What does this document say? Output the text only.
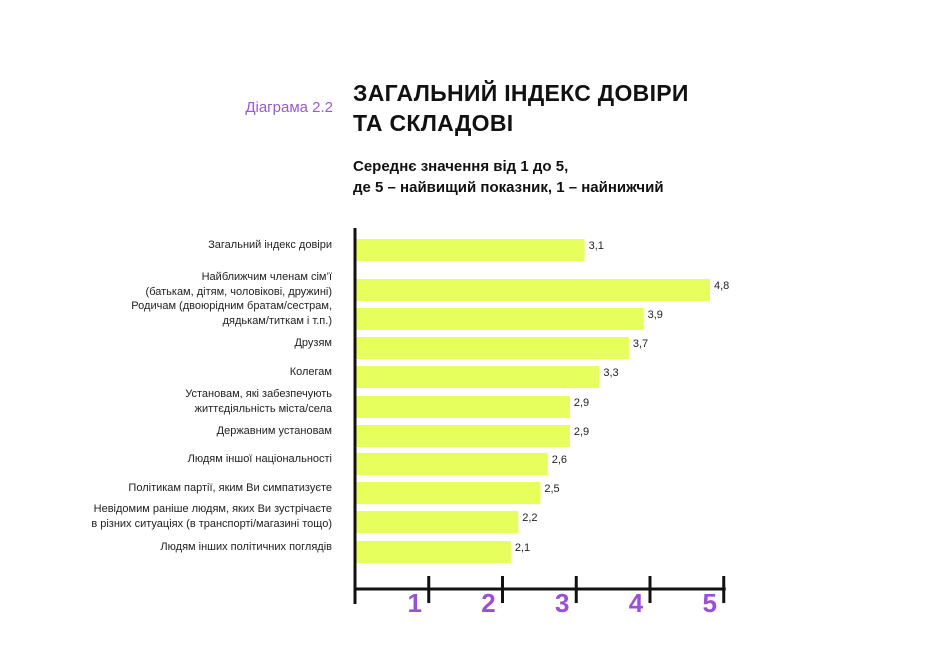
Діаграма 2.2
ЗАГАЛЬНИЙ ІНДЕКС ДОВІРИ
ТА СКЛАДОВІ

Середнє значення від 1 до 5,
де 5 – найвищий показник, 1 – найнижчий

3,1
Загальний індекс довіри
4,8
Найближчим членам сім’ї
(батькам, дітям, чоловікові, дружині)
3,9
Родичам (двоюрідним братам/сестрам,
дядькам/титкам і т.п.)
3,7
Друзям
3,3
Колегам
2,9
Установам, які забезпечують
життєдіяльність міста/села
2,9
Державним установам
2,6
Людям іншої національності
2,5
Політикам партії, яким Ви симпатизуєте
2,2
Невідомим раніше людям, яких Ви зустрічаєте
в різних ситуаціях (в транспорті/магазині тощо)
2,1
Людям інших політичних поглядів
1 2 3 4 5
